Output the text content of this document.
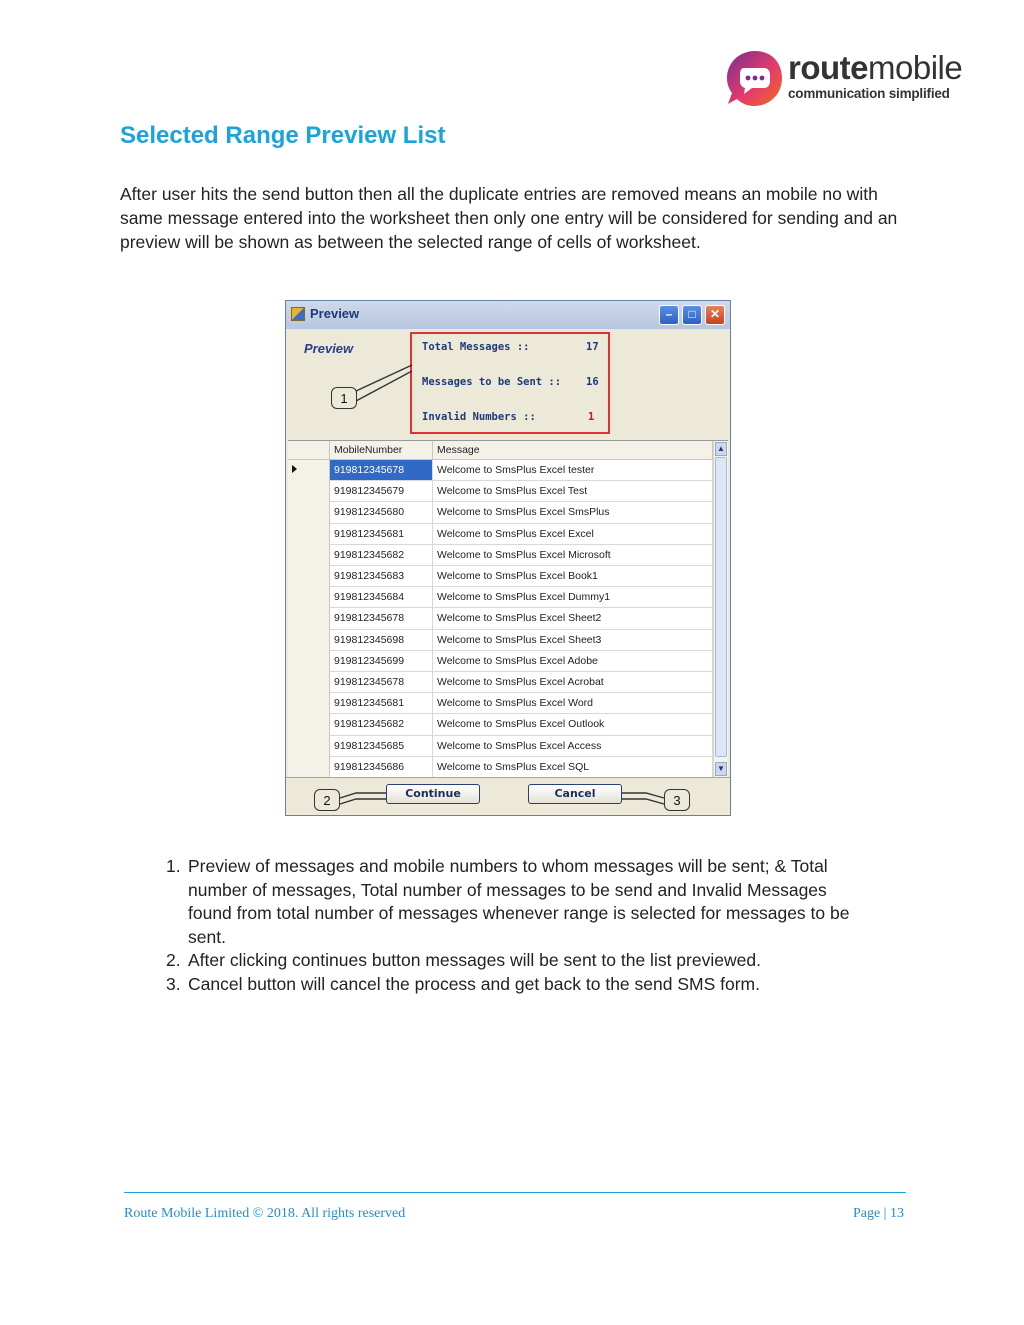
routemobile
communication simplified
Selected Range Preview List

After user hits the send button then all the duplicate entries are removed means an mobile no with same message entered into the worksheet then only one entry will be considered for sending and an preview will be shown as between the selected range of cells of worksheet.

Preview	–	□	✕
Preview	Total Messages ::	17
Messages to be Sent :: 16
Invalid Numbers ::	1
1
MobileNumber	Message
919812345678	Welcome to SmsPlus Excel tester
919812345679	Welcome to SmsPlus Excel Test
919812345680	Welcome to SmsPlus Excel SmsPlus
919812345681	Welcome to SmsPlus Excel Excel
919812345682	Welcome to SmsPlus Excel Microsoft
919812345683	Welcome to SmsPlus Excel Book1
919812345684	Welcome to SmsPlus Excel Dummy1
919812345678	Welcome to SmsPlus Excel Sheet2
919812345698	Welcome to SmsPlus Excel Sheet3
919812345699	Welcome to SmsPlus Excel Adobe
919812345678	Welcome to SmsPlus Excel Acrobat
919812345681	Welcome to SmsPlus Excel Word
919812345682	Welcome to SmsPlus Excel Outlook
919812345685	Welcome to SmsPlus Excel Access
919812345686	Welcome to SmsPlus Excel SQL
▲
▼
2	Continue	Cancel	3
1. Preview of messages and mobile numbers to whom messages will be sent; & Total number of messages, Total number of messages to be send and Invalid Messages found from total number of messages whenever range is selected for messages to be sent.
2. After clicking continues button messages will be sent to the list previewed.
3. Cancel button will cancel the process and get back to the send SMS form.
Route Mobile Limited © 2018. All rights reserved	Page | 13
